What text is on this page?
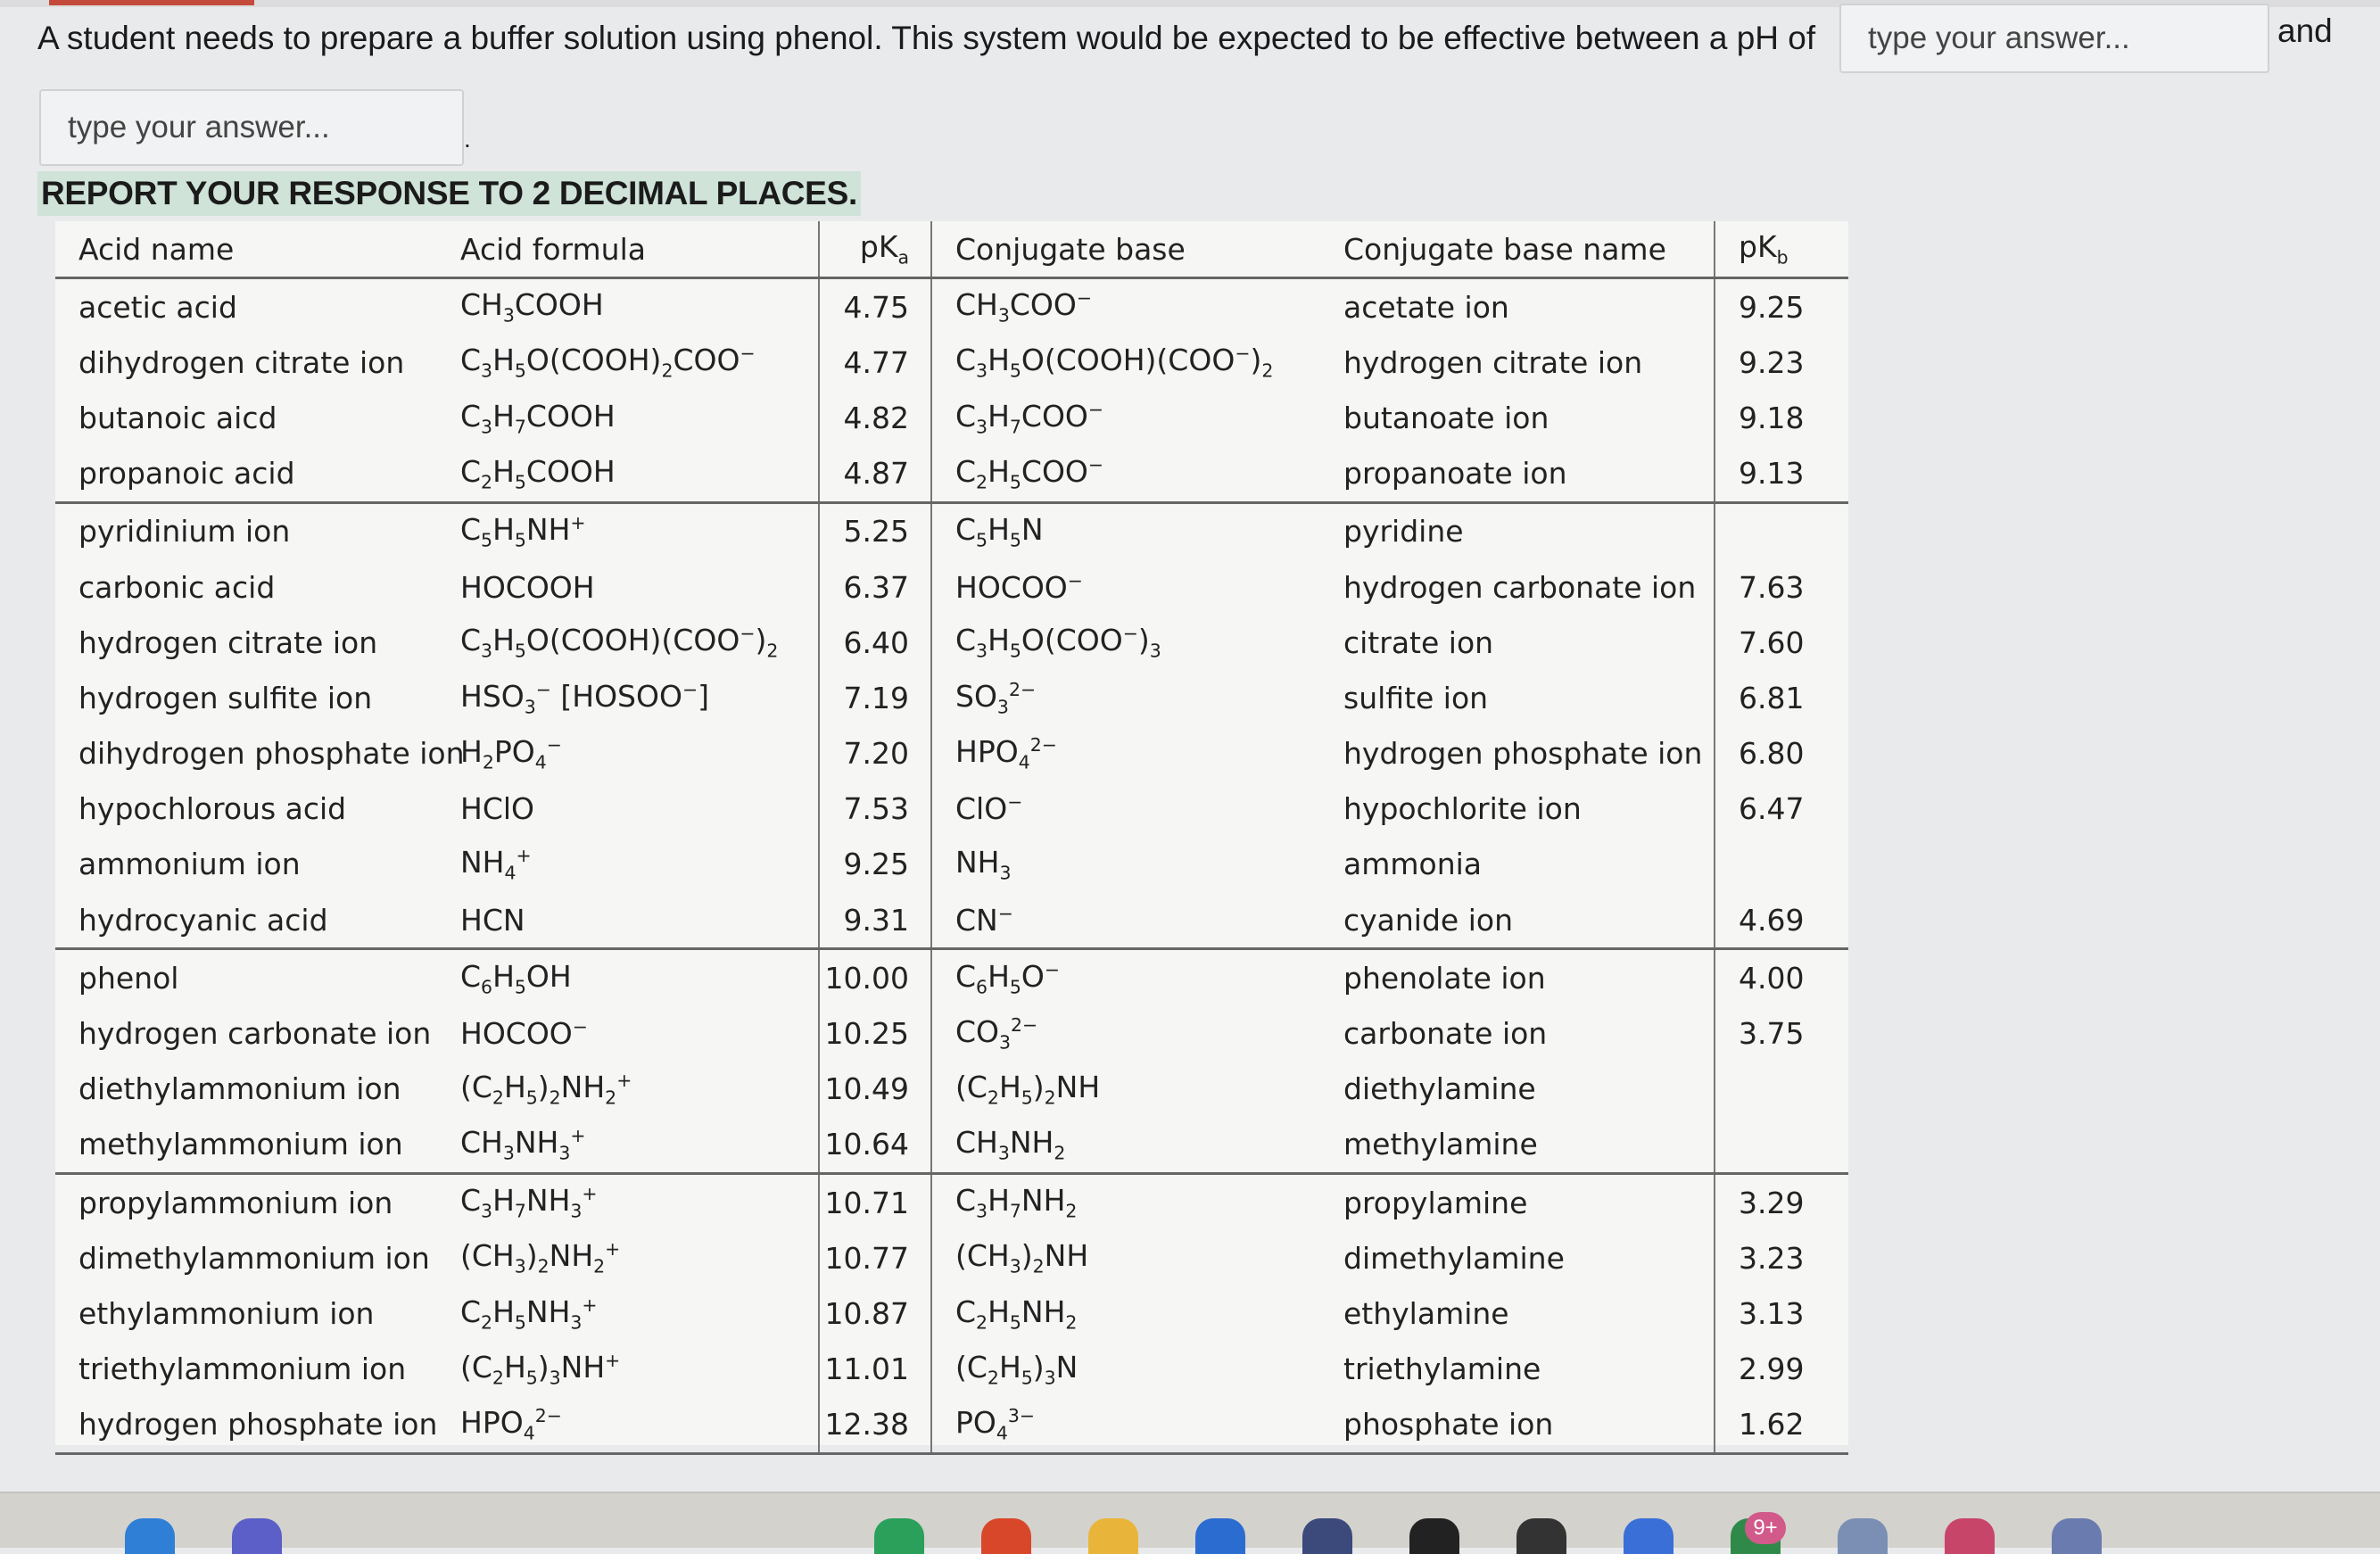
A student needs to prepare a buffer solution using phenol. This system would be expected to be effective between a pH of
type your answer...	and
type your answer...
.
REPORT YOUR RESPONSE TO 2 DECIMAL PLACES.
Acid name	Acid formula	$pK_a$	Conjugate base	Conjugate base name	$pK_b$
acetic acid	$CH_3COOH$	4.75	$CH_3COO^-$	acetate ion	9.25
dihydrogen citrate ion	$C_3H_5O(COOH)_2COO^-$	4.77	$C_3H_5O(COOH)(COO^-)_2$	hydrogen citrate ion	9.23
butanoic aicd	$C_3H_7COOH$	4.82	$C_3H_7COO^-$	butanoate ion	9.18
propanoic acid	$C_2H_5COOH$	4.87	$C_2H_5COO^-$	propanoate ion	9.13
pyridinium ion	$C_5H_5NH^+$	5.25	$C_5H_5N$	pyridine	
carbonic acid	HOCOOH	6.37	HOCOO−	hydrogen carbonate ion	7.63
hydrogen citrate ion	$C_3H_5O(COOH)(COO^-)_2$	6.40	$C_3H_5O(COO^-)_3$	citrate ion	7.60
hydrogen sulfite ion	$HSO_3^-$ [HOSOO−]	7.19	$SO_3^{2-}$	sulfite ion	6.81
dihydrogen phosphate ion	$H_2PO_4^-$	7.20	$HPO_4^{2-}$	hydrogen phosphate ion	6.80
hypochlorous acid	HClO	7.53	ClO−	hypochlorite ion	6.47
ammonium ion	$NH_4^+$	9.25	$NH_3$	ammonia	
hydrocyanic acid	HCN	9.31	CN−	cyanide ion	4.69
phenol	$C_6H_5OH$	10.00	$C_6H_5O^-$	phenolate ion	4.00
hydrogen carbonate ion	HOCOO−	10.25	$CO_3^{2-}$	carbonate ion	3.75
diethylammonium ion	$(C_2H_5)_2NH_2^+$	10.49	$(C_2H_5)_2NH$	diethylamine	
methylammonium ion	$CH_3NH_3^+$	10.64	$CH_3NH_2$	methylamine	
propylammonium ion	$C_3H_7NH_3^+$	10.71	$C_3H_7NH_2$	propylamine	3.29
dimethylammonium ion	$(CH_3)_2NH_2^+$	10.77	$(CH_3)_2NH$	dimethylamine	3.23
ethylammonium ion	$C_2H_5NH_3^+$	10.87	$C_2H_5NH_2$	ethylamine	3.13
triethylammonium ion	$(C_2H_5)_3NH^+$	11.01	$(C_2H_5)_3N$	triethylamine	2.99
hydrogen phosphate ion	$HPO_4^{2-}$	12.38	$PO_4^{3-}$	phosphate ion	1.62
9+
